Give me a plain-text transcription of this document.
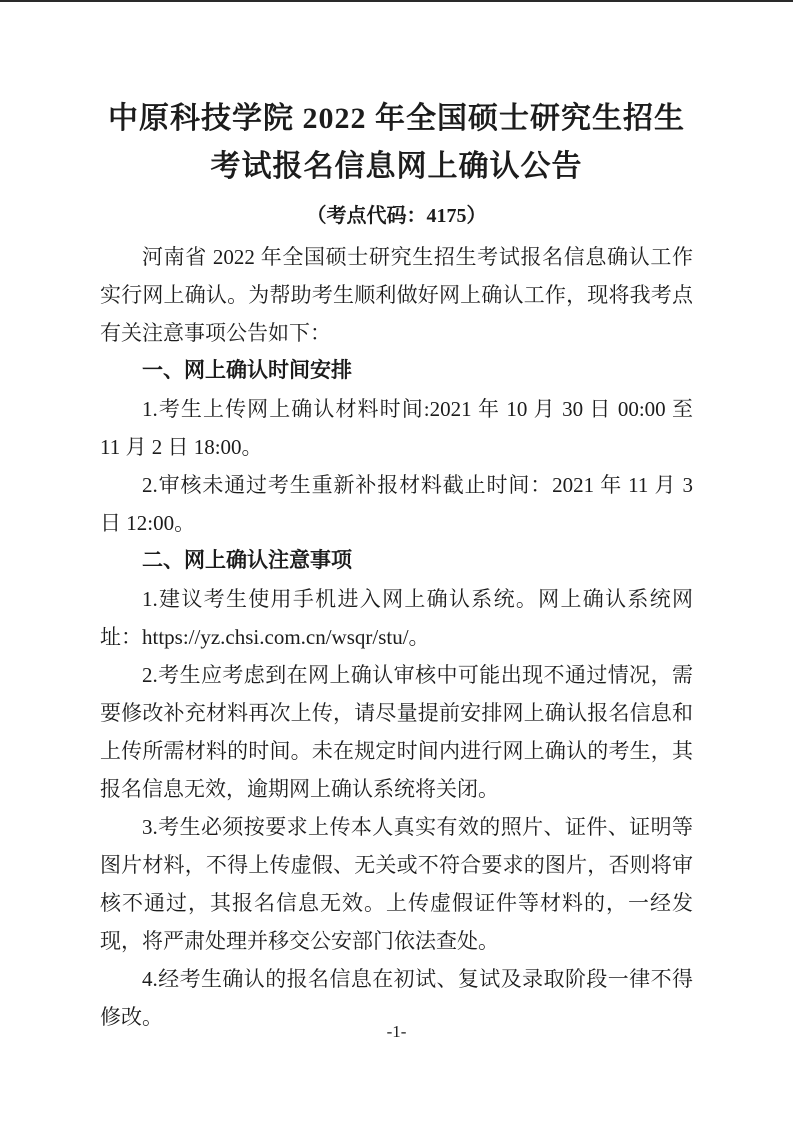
中原科技学院 2022 年全国硕士研究生招生
考试报名信息网上确认公告
（考点代码：4175）

河南省 2022 年全国硕士研究生招生考试报名信息确认工作实行网上确认。为帮助考生顺利做好网上确认工作，现将我考点有关注意事项公告如下：

一、网上确认时间安排

1.考生上传网上确认材料时间:2021 年 10 月 30 日 00:00 至 11 月 2 日 18:00。

2.审核未通过考生重新补报材料截止时间：2021 年 11 月 3 日 12:00。

二、网上确认注意事项

1.建议考生使用手机进入网上确认系统。网上确认系统网址：https://yz.chsi.com.cn/wsqr/stu/。

2.考生应考虑到在网上确认审核中可能出现不通过情况，需要修改补充材料再次上传，请尽量提前安排网上确认报名信息和上传所需材料的时间。未在规定时间内进行网上确认的考生，其报名信息无效，逾期网上确认系统将关闭。

3.考生必须按要求上传本人真实有效的照片、证件、证明等图片材料，不得上传虚假、无关或不符合要求的图片，否则将审核不通过，其报名信息无效。上传虚假证件等材料的，一经发现，将严肃处理并移交公安部门依法查处。

4.经考生确认的报名信息在初试、复试及录取阶段一律不得修改。

-1-
